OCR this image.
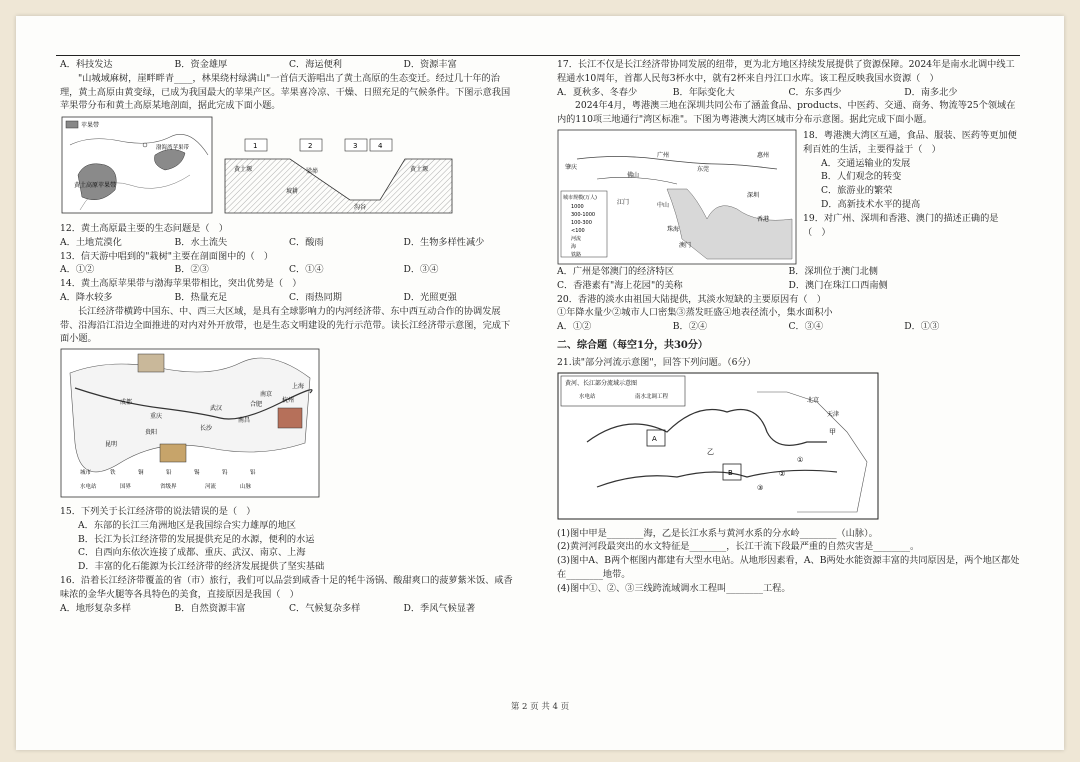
A．科技发达	B．资金雄厚	C．海运便利	D．资源丰富

"山城域麻树，崖畔畔青____，林果绕村绿满山"一首信天游唱出了黄土高原的生态变迁。经过几十年的治理，黄土高原由黄变绿，已成为我国最大的苹果产区。苹果喜冷凉、干燥、日照充足的气候条件。下图示意我国苹果带分布和黄土高原某地剖面，据此完成下面小题。

苹果带
黄土高原苹果带
渤海湾苹果带	1	2	3	4
黄土塬	黄土塬
梁峁
坡耕
沟谷

12．黄土高原最主要的生态问题是（　）

A．土地荒漠化	B．水土流失	C．酸雨	D．生物多样性减少

13．信天游中唱到的"栽树"主要在剖面图中的（　）

A．①②	B．②③	C．①④	D．③④

14．黄土高原苹果带与渤海苹果带相比，突出优势是（　）

A．降水较多	B．热量充足	C．雨热同期	D．光照更强

长江经济带横跨中国东、中、西三大区域，是具有全球影响力的内河经济带、东中西互动合作的协调发展带、沿海沿江沿边全面推进的对内对外开放带，也是生态文明建设的先行示范带。读长江经济带示意图，完成下面小题。

成都
重庆
长沙
武汉
南京
上海
杭州
昆明
贵阳
南昌
合肥
城市	铁	铜	铅	锡	钨	铝
水电站	国界	省级界	河流	山脉

15．下列关于长江经济带的说法错误的是（　）

A．东部的长江三角洲地区是我国综合实力雄厚的地区

B．长江为长江经济带的发展提供充足的水源，便利的水运

C．自西向东依次连接了成都、重庆、武汉、南京、上海

D．丰富的化石能源为长江经济带的经济发展提供了坚实基础

16．沿着长江经济带覆盖的省（市）旅行，我们可以品尝到咸香十足的牦牛汤锅、酸甜爽口的菠萝紫米饭、咸香味浓的金华火腿等各具特色的美食，直接原因是我国（　）

A．地形复杂多样	B．自然资源丰富	C．气候复杂多样	D．季风气候显著

17．长江不仅是长江经济带协同发展的纽带，更为北方地区持续发展提供了资源保障。2024年是南水北调中线工程通水10周年，首都人民每3杯水中，就有2杯来自丹江口水库。该工程反映我国水资源（　）

A．夏秋多、冬春少	B．年际变化大	C．东多西少	D．南多北少

2024年4月，粤港澳三地在深圳共同公布了涵盖食品、products、中医药、交通、商务、物流等25个领域在内的110项三地通行"湾区标准"。下图为粤港澳大湾区城市分布示意图。据此完成下面小题。

城市规模(万人)
1000
300-1000
100-300
<100
河流
海
铁路
肇庆
佛山
广州
东莞
惠州
深圳
江门	中山
珠海
香港
澳门

18．粤港澳大湾区互通，食品、服装、医药等更加便利百姓的生活，主要得益于（　）

A．交通运输业的发展

B．人们观念的转变

C．旅游业的繁荣

D．高新技术水平的提高

19．对广州、深圳和香港、澳门的描述正确的是（　）

A．广州是邻澳门的经济特区	B．深圳位于澳门北侧
C．香港素有"海上花园"的美称	D．澳门在珠江口西南侧

20．香港的淡水由祖国大陆提供，其淡水短缺的主要原因有（　）

①年降水量少②城市人口密集③蒸发旺盛④地表径流小，集水面积小

A．①②	B．②④	C．③④	D．①③
二、综合题（每空1分，共30分）

21.读"部分河流示意图"，回答下列问题。（6分）

黄河、长江部分流域示意图
水电站	南水北调工程
甲
乙
A
B
①
②
③
北京
天津

(1)图中甲是________海，乙是长江水系与黄河水系的分水岭________（山脉）。

(2)黄河河段最突出的水文特征是________，长江干流下段最严重的自然灾害是________。

(3)图中A、B两个框图内都建有大型水电站。从地形因素看，A、B两处水能资源丰富的共同原因是，两个地区都处在________地带。

(4)图中①、②、③三线跨流域调水工程叫________工程。

第 2 页 共 4 页
